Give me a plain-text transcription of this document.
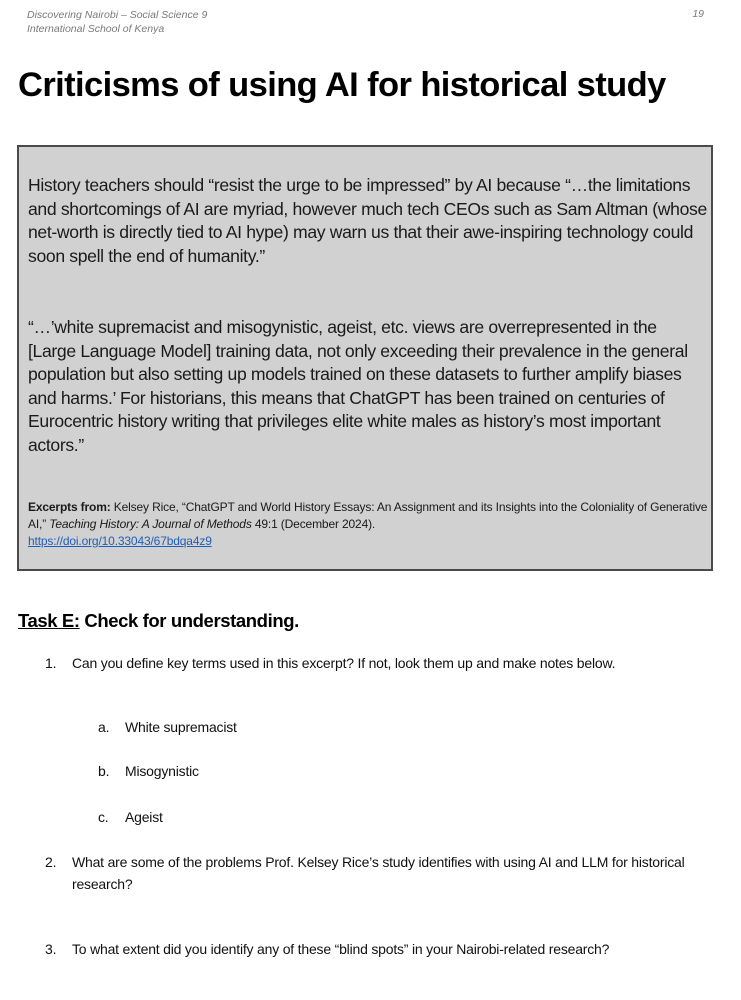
Discovering Nairobi – Social Science 9
International School of Kenya
19
Criticisms of using AI for historical study
History teachers should “resist the urge to be impressed” by AI because “…the limitations and shortcomings of AI are myriad, however much tech CEOs such as Sam Altman (whose net-worth is directly tied to AI hype) may warn us that their awe-inspiring technology could soon spell the end of humanity.”
“…’white supremacist and misogynistic, ageist, etc. views are overrepresented in the [Large Language Model] training data, not only exceeding their prevalence in the general population but also setting up models trained on these datasets to further amplify biases and harms.’ For historians, this means that ChatGPT has been trained on centuries of Eurocentric history writing that privileges elite white males as history’s most important actors.”
Excerpts from: Kelsey Rice, “ChatGPT and World History Essays: An Assignment and its Insights into the Coloniality of Generative AI,” Teaching History: A Journal of Methods 49:1 (December 2024).
https://doi.org/10.33043/67bdqa4z9
Task E: Check for understanding.
1. Can you define key terms used in this excerpt? If not, look them up and make notes below.
a. White supremacist
b. Misogynistic
c. Ageist
2. What are some of the problems Prof. Kelsey Rice’s study identifies with using AI and LLM for historical research?
3. To what extent did you identify any of these “blind spots” in your Nairobi-related research?
